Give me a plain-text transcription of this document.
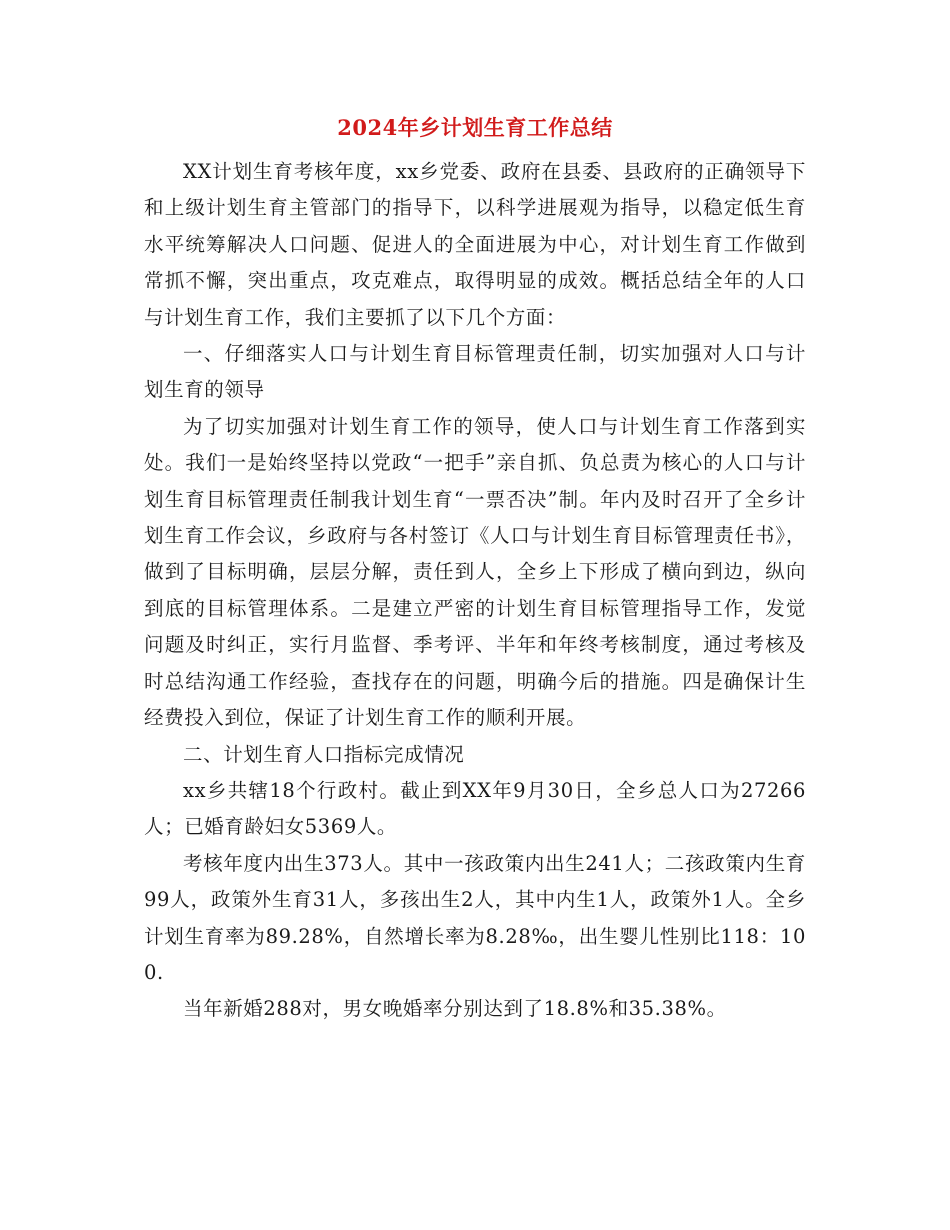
2024年乡计划生育工作总结

XX计划生育考核年度，xx乡党委、政府在县委、县政府的正确领导下和上级计划生育主管部门的指导下，以科学进展观为指导，以稳定低生育水平统筹解决人口问题、促进人的全面进展为中心，对计划生育工作做到常抓不懈，突出重点，攻克难点，取得明显的成效。概括总结全年的人口与计划生育工作，我们主要抓了以下几个方面：

一、仔细落实人口与计划生育目标管理责任制，切实加强对人口与计划生育的领导

为了切实加强对计划生育工作的领导，使人口与计划生育工作落到实处。我们一是始终坚持以党政“一把手”亲自抓、负总责为核心的人口与计划生育目标管理责任制我计划生育“一票否决”制。年内及时召开了全乡计划生育工作会议，乡政府与各村签订《人口与计划生育目标管理责任书》，做到了目标明确，层层分解，责任到人，全乡上下形成了横向到边，纵向到底的目标管理体系。二是建立严密的计划生育目标管理指导工作，发觉问题及时纠正，实行月监督、季考评、半年和年终考核制度，通过考核及时总结沟通工作经验，查找存在的问题，明确今后的措施。四是确保计生经费投入到位，保证了计划生育工作的顺利开展。

二、计划生育人口指标完成情况

xx乡共辖18个行政村。截止到XX年9月30日，全乡总人口为27266人；已婚育龄妇女5369人。

考核年度内出生373人。其中一孩政策内出生241人；二孩政策内生育99人，政策外生育31人，多孩出生2人，其中内生1人，政策外1人。全乡计划生育率为89.28%，自然增长率为8.28‰，出生婴儿性别比118：100.

当年新婚288对，男女晚婚率分别达到了18.8%和35.38%。
